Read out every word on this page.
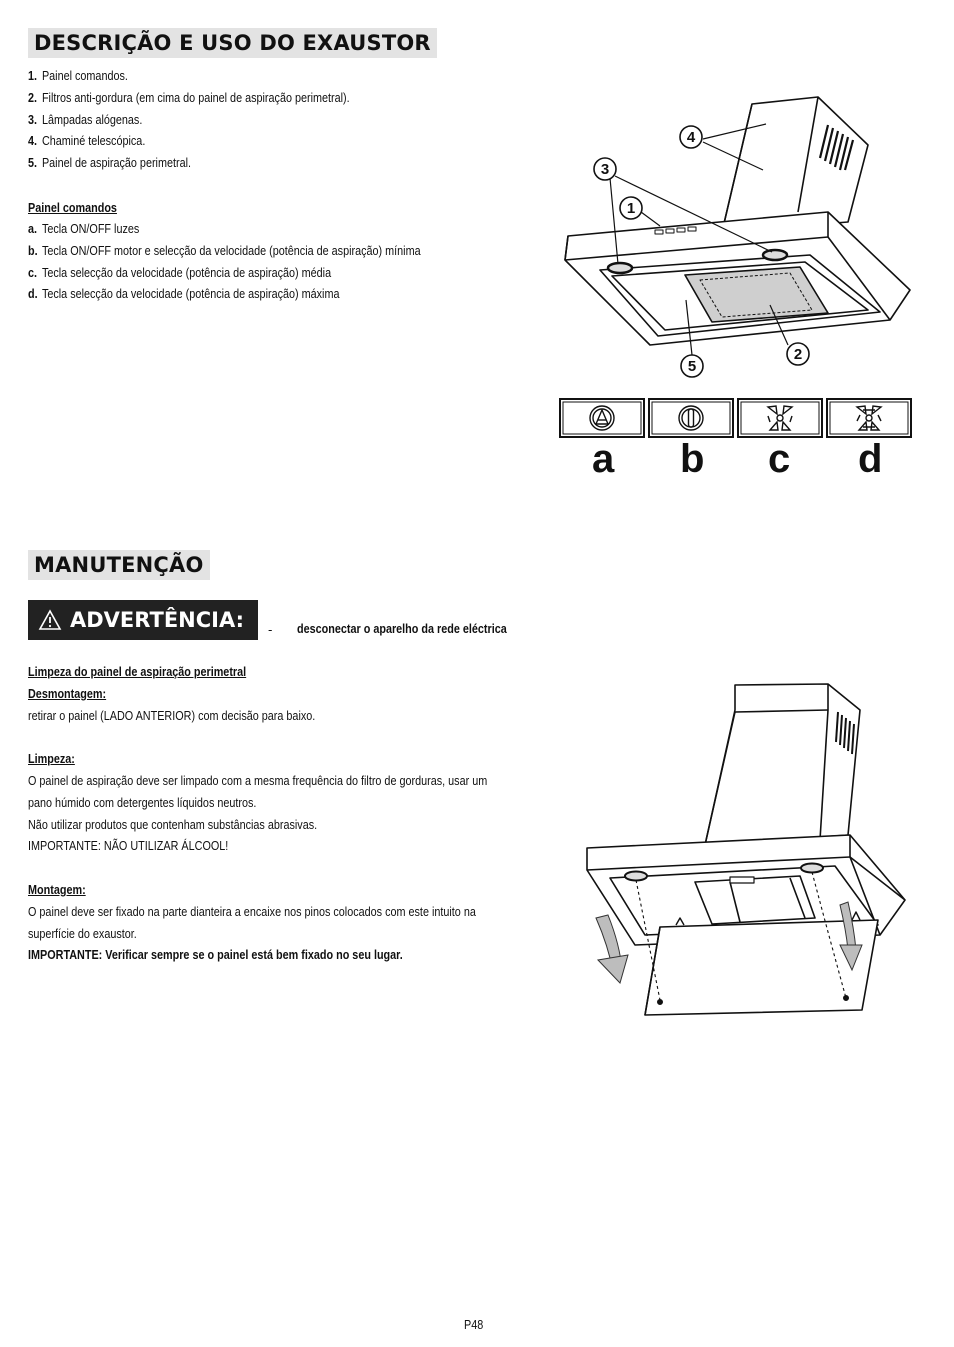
DESCRIÇÃO E USO DO EXAUSTOR
1. Painel comandos.
2. Filtros anti-gordura (em cima do painel de aspiração perimetral).
3. Lâmpadas alógenas.
4. Chaminé telescópica.
5. Painel de aspiração perimetral.
Painel comandos
a. Tecla ON/OFF luzes
b. Tecla ON/OFF motor e selecção da velocidade (potência de aspiração) mínima
c. Tecla selecção da velocidade (potência de aspiração) média
d. Tecla selecção da velocidade (potência de aspiração) máxima
4
3
1
2
5
a b c d
MANUTENÇÃO
ADVERTÊNCIA: - desconectar o aparelho da rede eléctrica
Limpeza do painel de aspiração perimetral
Desmontagem:
retirar o painel (LADO ANTERIOR) com decisão para baixo.
Limpeza:
O painel de aspiração deve ser limpado com a mesma frequência do filtro de gorduras, usar um
pano húmido com detergentes líquidos neutros.
Não utilizar produtos que contenham substâncias abrasivas.
IMPORTANTE: NÃO UTILIZAR ÁLCOOL!
Montagem:
O painel deve ser fixado na parte dianteira a encaixe nos pinos colocados com este intuito na
superfície do exaustor.
IMPORTANTE: Verificar sempre se o painel está bem fixado no seu lugar.
P48
